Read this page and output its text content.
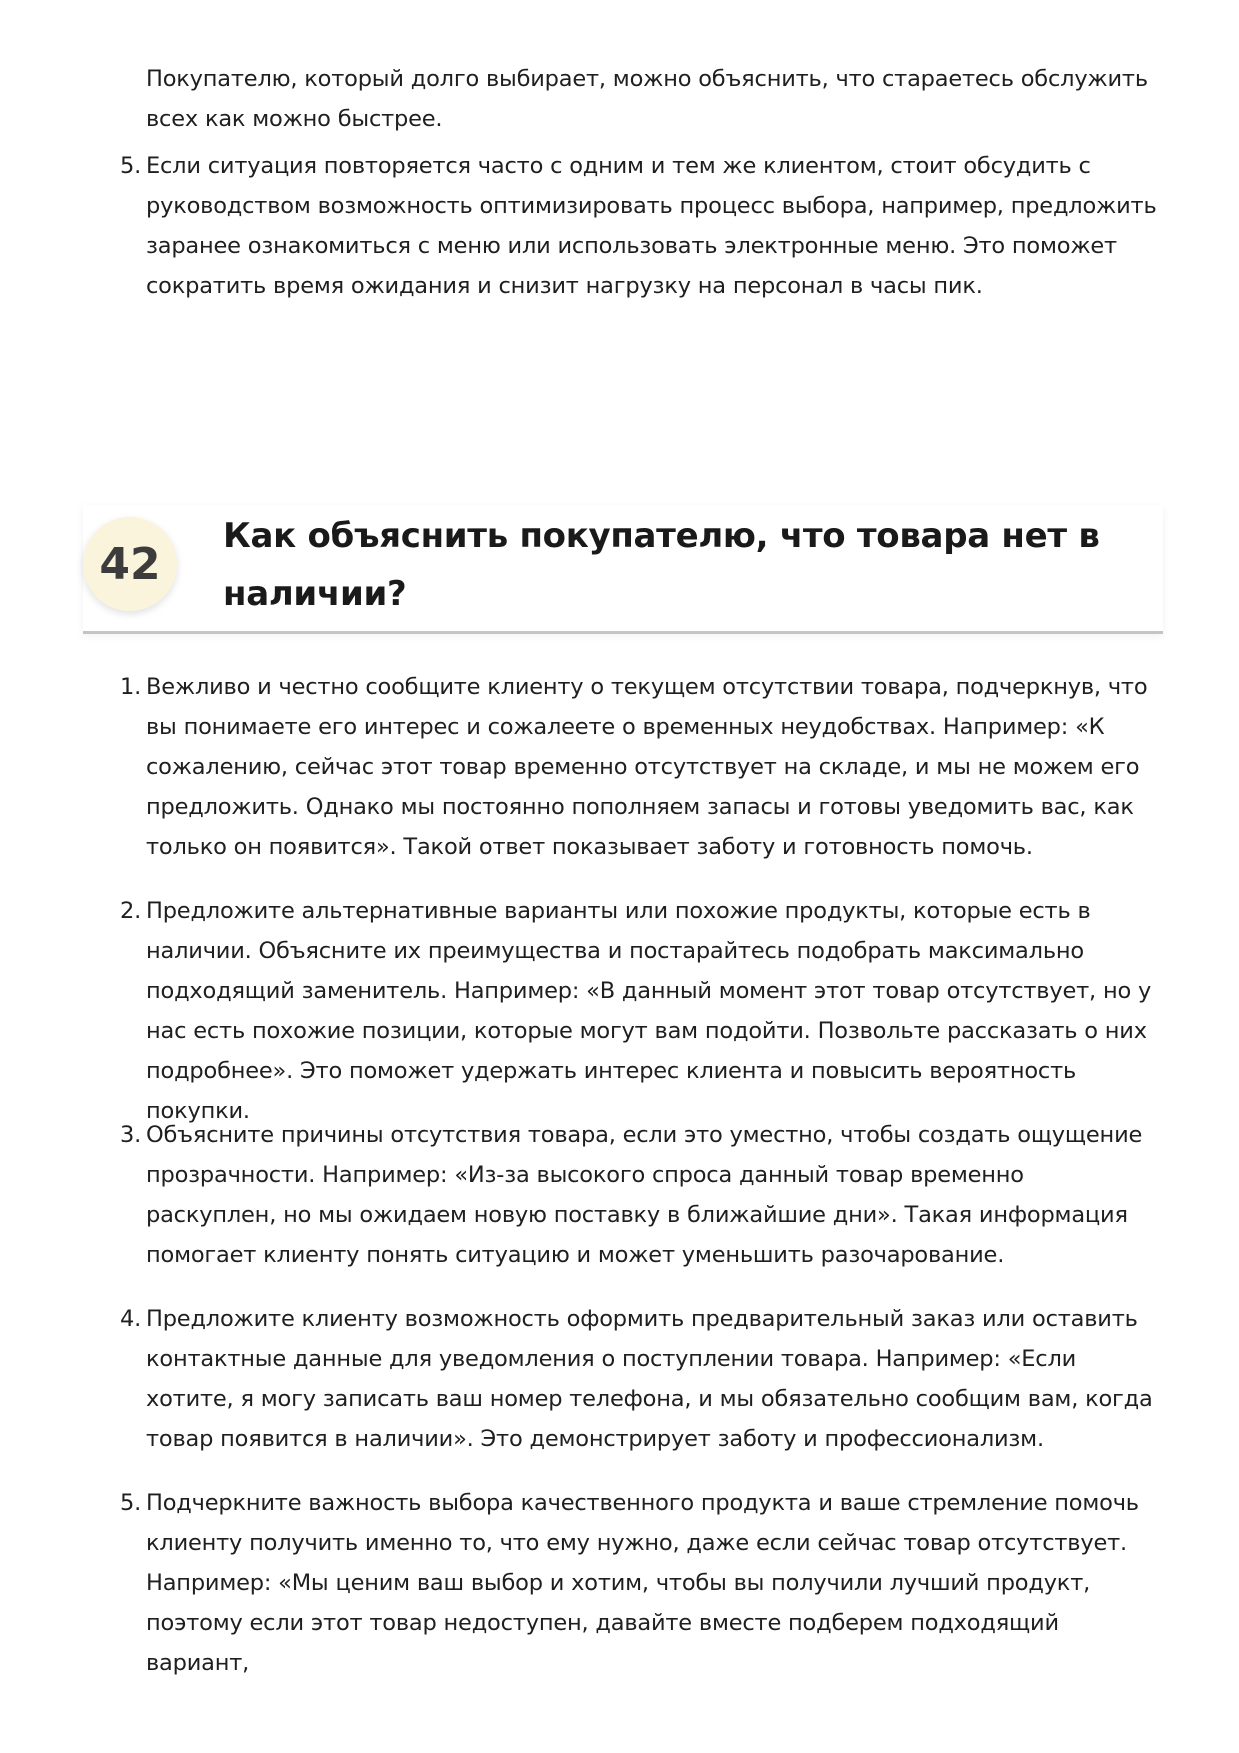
Покупателю, который долго выбирает, можно объяснить, что стараетесь обслужить всех как можно быстрее.
5. Если ситуация повторяется часто с одним и тем же клиентом, стоит обсудить с руководством возможность оптимизировать процесс выбора, например, предложить заранее ознакомиться с меню или использовать электронные меню. Это поможет сократить время ожидания и снизит нагрузку на персонал в часы пик.
42
Как объяснить покупателю, что товара нет в наличии?
1. Вежливо и честно сообщите клиенту о текущем отсутствии товара, подчеркнув, что вы понимаете его интерес и сожалеете о временных неудобствах. Например: «К сожалению, сейчас этот товар временно отсутствует на складе, и мы не можем его предложить. Однако мы постоянно пополняем запасы и готовы уведомить вас, как только он появится». Такой ответ показывает заботу и готовность помочь.
2. Предложите альтернативные варианты или похожие продукты, которые есть в наличии. Объясните их преимущества и постарайтесь подобрать максимально подходящий заменитель. Например: «В данный момент этот товар отсутствует, но у нас есть похожие позиции, которые могут вам подойти. Позвольте рассказать о них подробнее». Это поможет удержать интерес клиента и повысить вероятность покупки.
3. Объясните причины отсутствия товара, если это уместно, чтобы создать ощущение прозрачности. Например: «Из-за высокого спроса данный товар временно раскуплен, но мы ожидаем новую поставку в ближайшие дни». Такая информация помогает клиенту понять ситуацию и может уменьшить разочарование.
4. Предложите клиенту возможность оформить предварительный заказ или оставить контактные данные для уведомления о поступлении товара. Например: «Если хотите, я могу записать ваш номер телефона, и мы обязательно сообщим вам, когда товар появится в наличии». Это демонстрирует заботу и профессионализм.
5. Подчеркните важность выбора качественного продукта и ваше стремление помочь клиенту получить именно то, что ему нужно, даже если сейчас товар отсутствует. Например: «Мы ценим ваш выбор и хотим, чтобы вы получили лучший продукт, поэтому если этот товар недоступен, давайте вместе подберем подходящий вариант,
